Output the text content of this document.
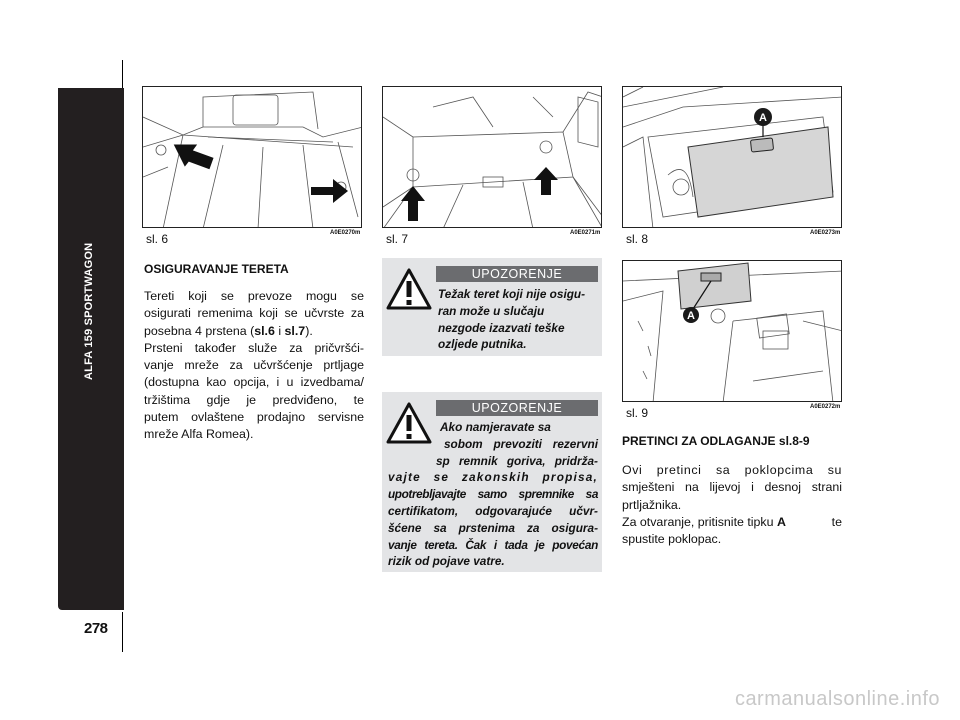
ALFA 159 SPORTWAGON
278
sl. 6	A0E0270m sl. 7	A0E0271m
A
sl. 8	A0E0273m
A
sl. 9	A0E0272m
OSIGURAVANJE TERETA
Tereti koji se prevoze mogu se
osigurati remenima koji se učvrste za
posebna 4 prstena (sl.6 i sl.7).
Prsteni također služe za pričvršći-
vanje mreže za učvršćenje prtljage
(dostupna kao opcija, i u izvedbama/
tržištima gdje je predviđeno, te
putem ovlaštene prodajno servisne
mreže Alfa Romea).
UPOZORENJE
Težak teret koji nije osigu-
ran može u slučaju
nezgode izazvati teške
ozljede putnika.
UPOZORENJE
Ako namjeravate sa
sobom prevoziti rezervni
sp remnik goriva, pridrža-
vajte se zakonskih propisa,
upotrebljavajte samo spremnike sa
certifikatom, odgovarajuće učvr-
šćene sa prstenima za osigura-
vanje tereta. Čak i tada je povećan
rizik od pojave vatre.
PRETINCI ZA ODLAGANJE sl.8-9
Ovi pretinci sa poklopcima su
smješteni na lijevoj i desnoj strani
prtljažnika.
Za otvaranje, pritisnite tipku A	te
spustite poklopac.
carmanualsonline.info
